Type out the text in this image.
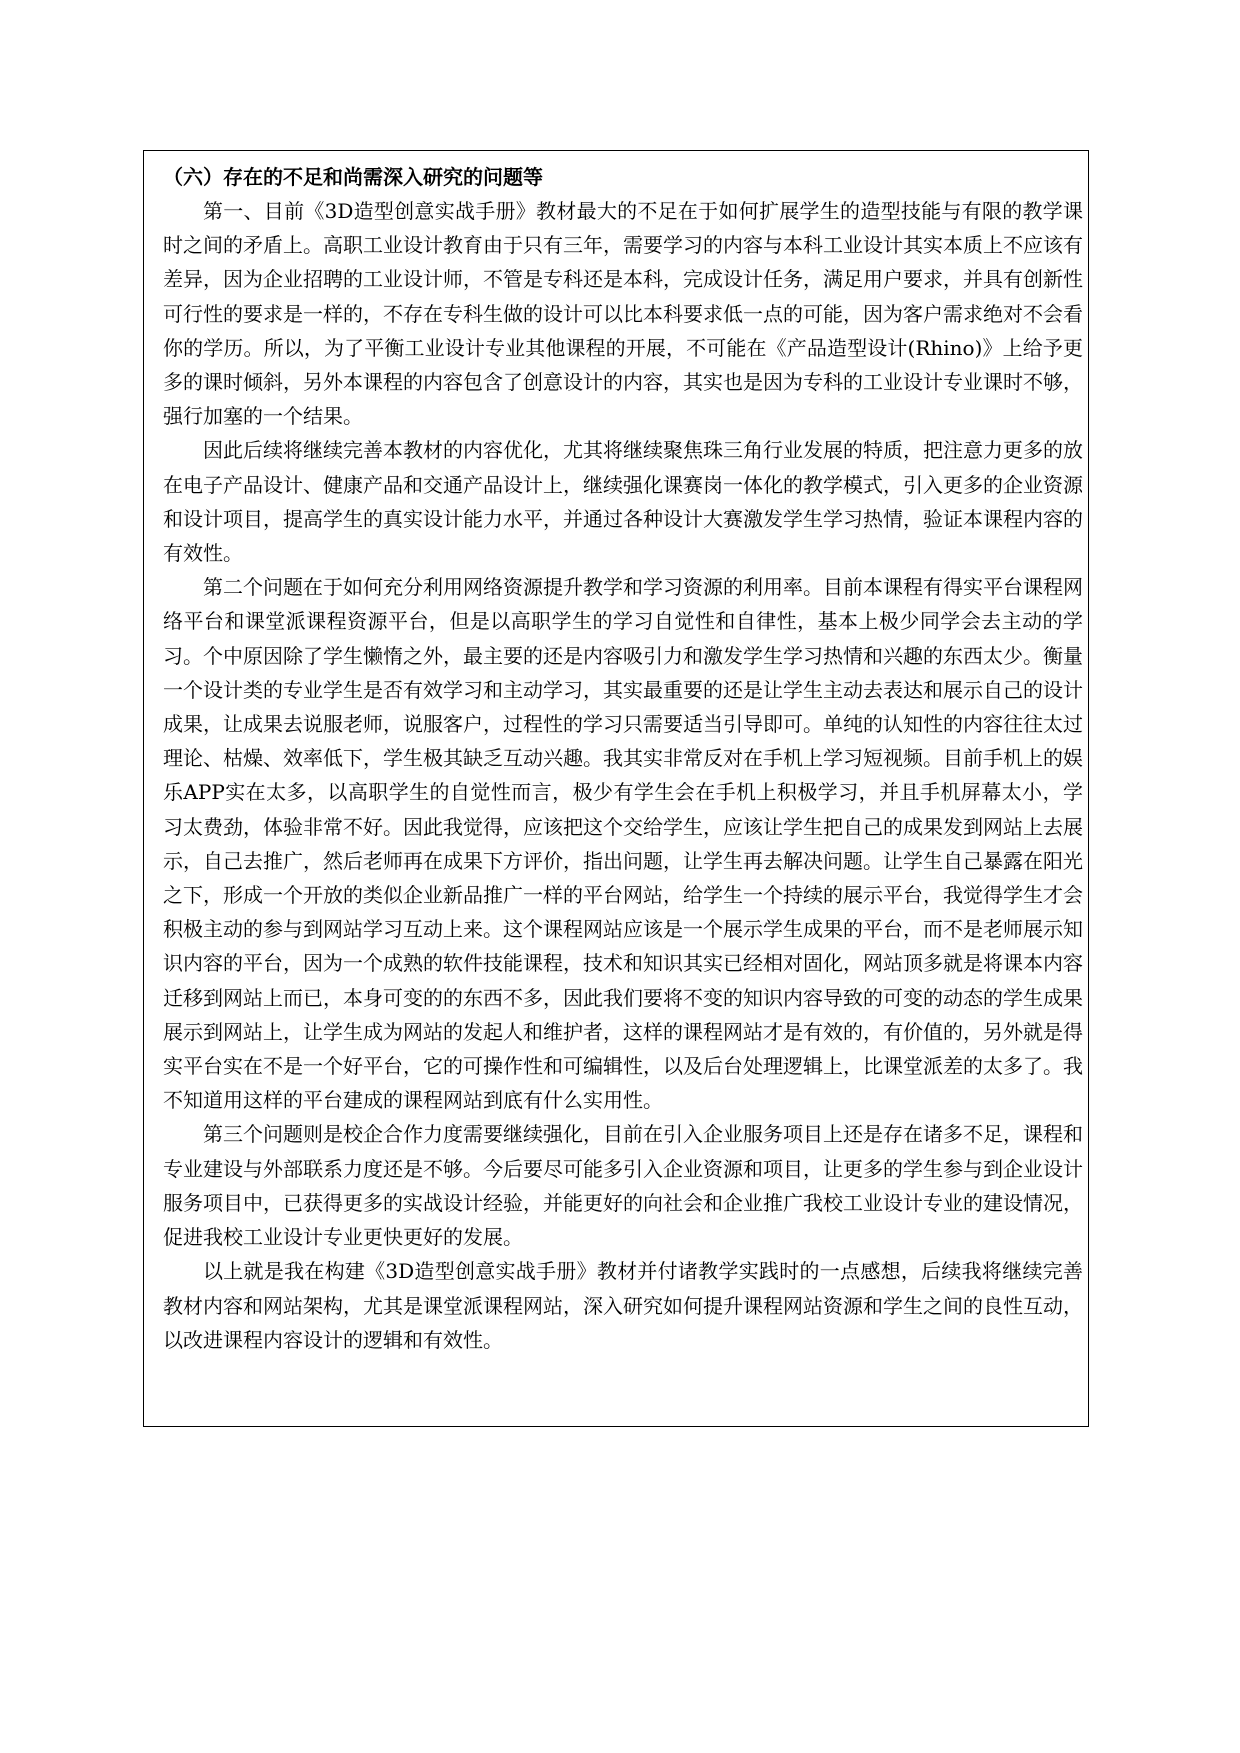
（六）存在的不足和尚需深入研究的问题等

第一、目前《3D造型创意实战手册》教材最大的不足在于如何扩展学生的造型技能与有限的教学课时之间的矛盾上。高职工业设计教育由于只有三年，需要学习的内容与本科工业设计其实本质上不应该有差异，因为企业招聘的工业设计师，不管是专科还是本科，完成设计任务，满足用户要求，并具有创新性可行性的要求是一样的，不存在专科生做的设计可以比本科要求低一点的可能，因为客户需求绝对不会看你的学历。所以，为了平衡工业设计专业其他课程的开展，不可能在《产品造型设计(Rhino)》上给予更多的课时倾斜，另外本课程的内容包含了创意设计的内容，其实也是因为专科的工业设计专业课时不够，强行加塞的一个结果。

因此后续将继续完善本教材的内容优化，尤其将继续聚焦珠三角行业发展的特质，把注意力更多的放在电子产品设计、健康产品和交通产品设计上，继续强化课赛岗一体化的教学模式，引入更多的企业资源和设计项目，提高学生的真实设计能力水平，并通过各种设计大赛激发学生学习热情，验证本课程内容的有效性。

第二个问题在于如何充分利用网络资源提升教学和学习资源的利用率。目前本课程有得实平台课程网络平台和课堂派课程资源平台，但是以高职学生的学习自觉性和自律性，基本上极少同学会去主动的学习。个中原因除了学生懒惰之外，最主要的还是内容吸引力和激发学生学习热情和兴趣的东西太少。衡量一个设计类的专业学生是否有效学习和主动学习，其实最重要的还是让学生主动去表达和展示自己的设计成果，让成果去说服老师，说服客户，过程性的学习只需要适当引导即可。单纯的认知性的内容往往太过理论、枯燥、效率低下，学生极其缺乏互动兴趣。我其实非常反对在手机上学习短视频。目前手机上的娱乐APP实在太多，以高职学生的自觉性而言，极少有学生会在手机上积极学习，并且手机屏幕太小，学习太费劲，体验非常不好。因此我觉得，应该把这个交给学生，应该让学生把自己的成果发到网站上去展示，自己去推广，然后老师再在成果下方评价，指出问题，让学生再去解决问题。让学生自己暴露在阳光之下，形成一个开放的类似企业新品推广一样的平台网站，给学生一个持续的展示平台，我觉得学生才会积极主动的参与到网站学习互动上来。这个课程网站应该是一个展示学生成果的平台，而不是老师展示知识内容的平台，因为一个成熟的软件技能课程，技术和知识其实已经相对固化，网站顶多就是将课本内容迁移到网站上而已，本身可变的的东西不多，因此我们要将不变的知识内容导致的可变的动态的学生成果展示到网站上，让学生成为网站的发起人和维护者，这样的课程网站才是有效的，有价值的，另外就是得实平台实在不是一个好平台，它的可操作性和可编辑性，以及后台处理逻辑上，比课堂派差的太多了。我不知道用这样的平台建成的课程网站到底有什么实用性。

第三个问题则是校企合作力度需要继续强化，目前在引入企业服务项目上还是存在诸多不足，课程和专业建设与外部联系力度还是不够。今后要尽可能多引入企业资源和项目，让更多的学生参与到企业设计服务项目中，已获得更多的实战设计经验，并能更好的向社会和企业推广我校工业设计专业的建设情况，促进我校工业设计专业更快更好的发展。

以上就是我在构建《3D造型创意实战手册》教材并付诸教学实践时的一点感想，后续我将继续完善教材内容和网站架构，尤其是课堂派课程网站，深入研究如何提升课程网站资源和学生之间的良性互动，以改进课程内容设计的逻辑和有效性。
